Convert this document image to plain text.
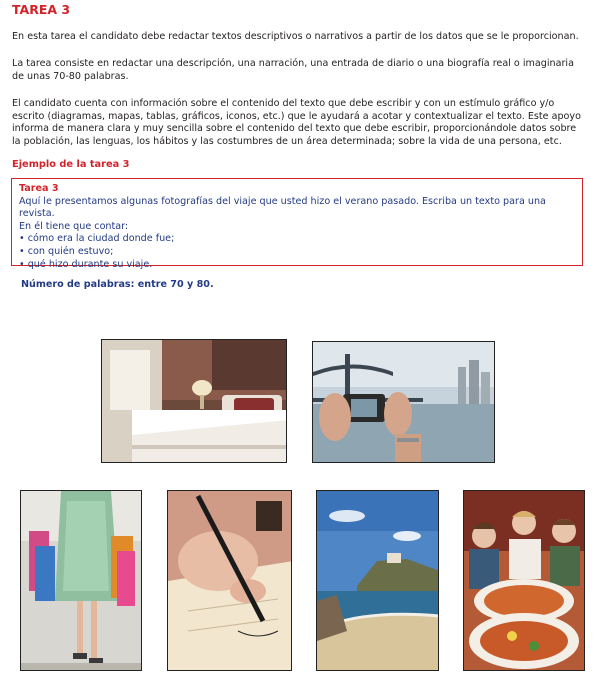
TAREA 3
En esta tarea el candidato debe redactar textos descriptivos o narrativos a partir de los datos que se le proporcionan.
La tarea consiste en redactar una descripción, una narración, una entrada de diario o una biografía real o imaginaria de unas 70-80 palabras.
El candidato cuenta con información sobre el contenido del texto que debe escribir y con un estímulo gráfico y/o escrito (diagramas, mapas, tablas, gráficos, iconos, etc.) que le ayudará a acotar y contextualizar el texto. Este apoyo informa de manera clara y muy sencilla sobre el contenido del texto que debe escribir, proporcionándole datos sobre la población, las lenguas, los hábitos y las costumbres de un área determinada; sobre la vida de una persona, etc.
Ejemplo de la tarea 3
Tarea 3
Aquí le presentamos algunas fotografías del viaje que usted hizo el verano pasado. Escriba un texto para una revista.
En él tiene que contar:
• cómo era la ciudad donde fue;
• con quién estuvo;
• qué hizo durante su viaje.
Número de palabras: entre 70 y 80.
